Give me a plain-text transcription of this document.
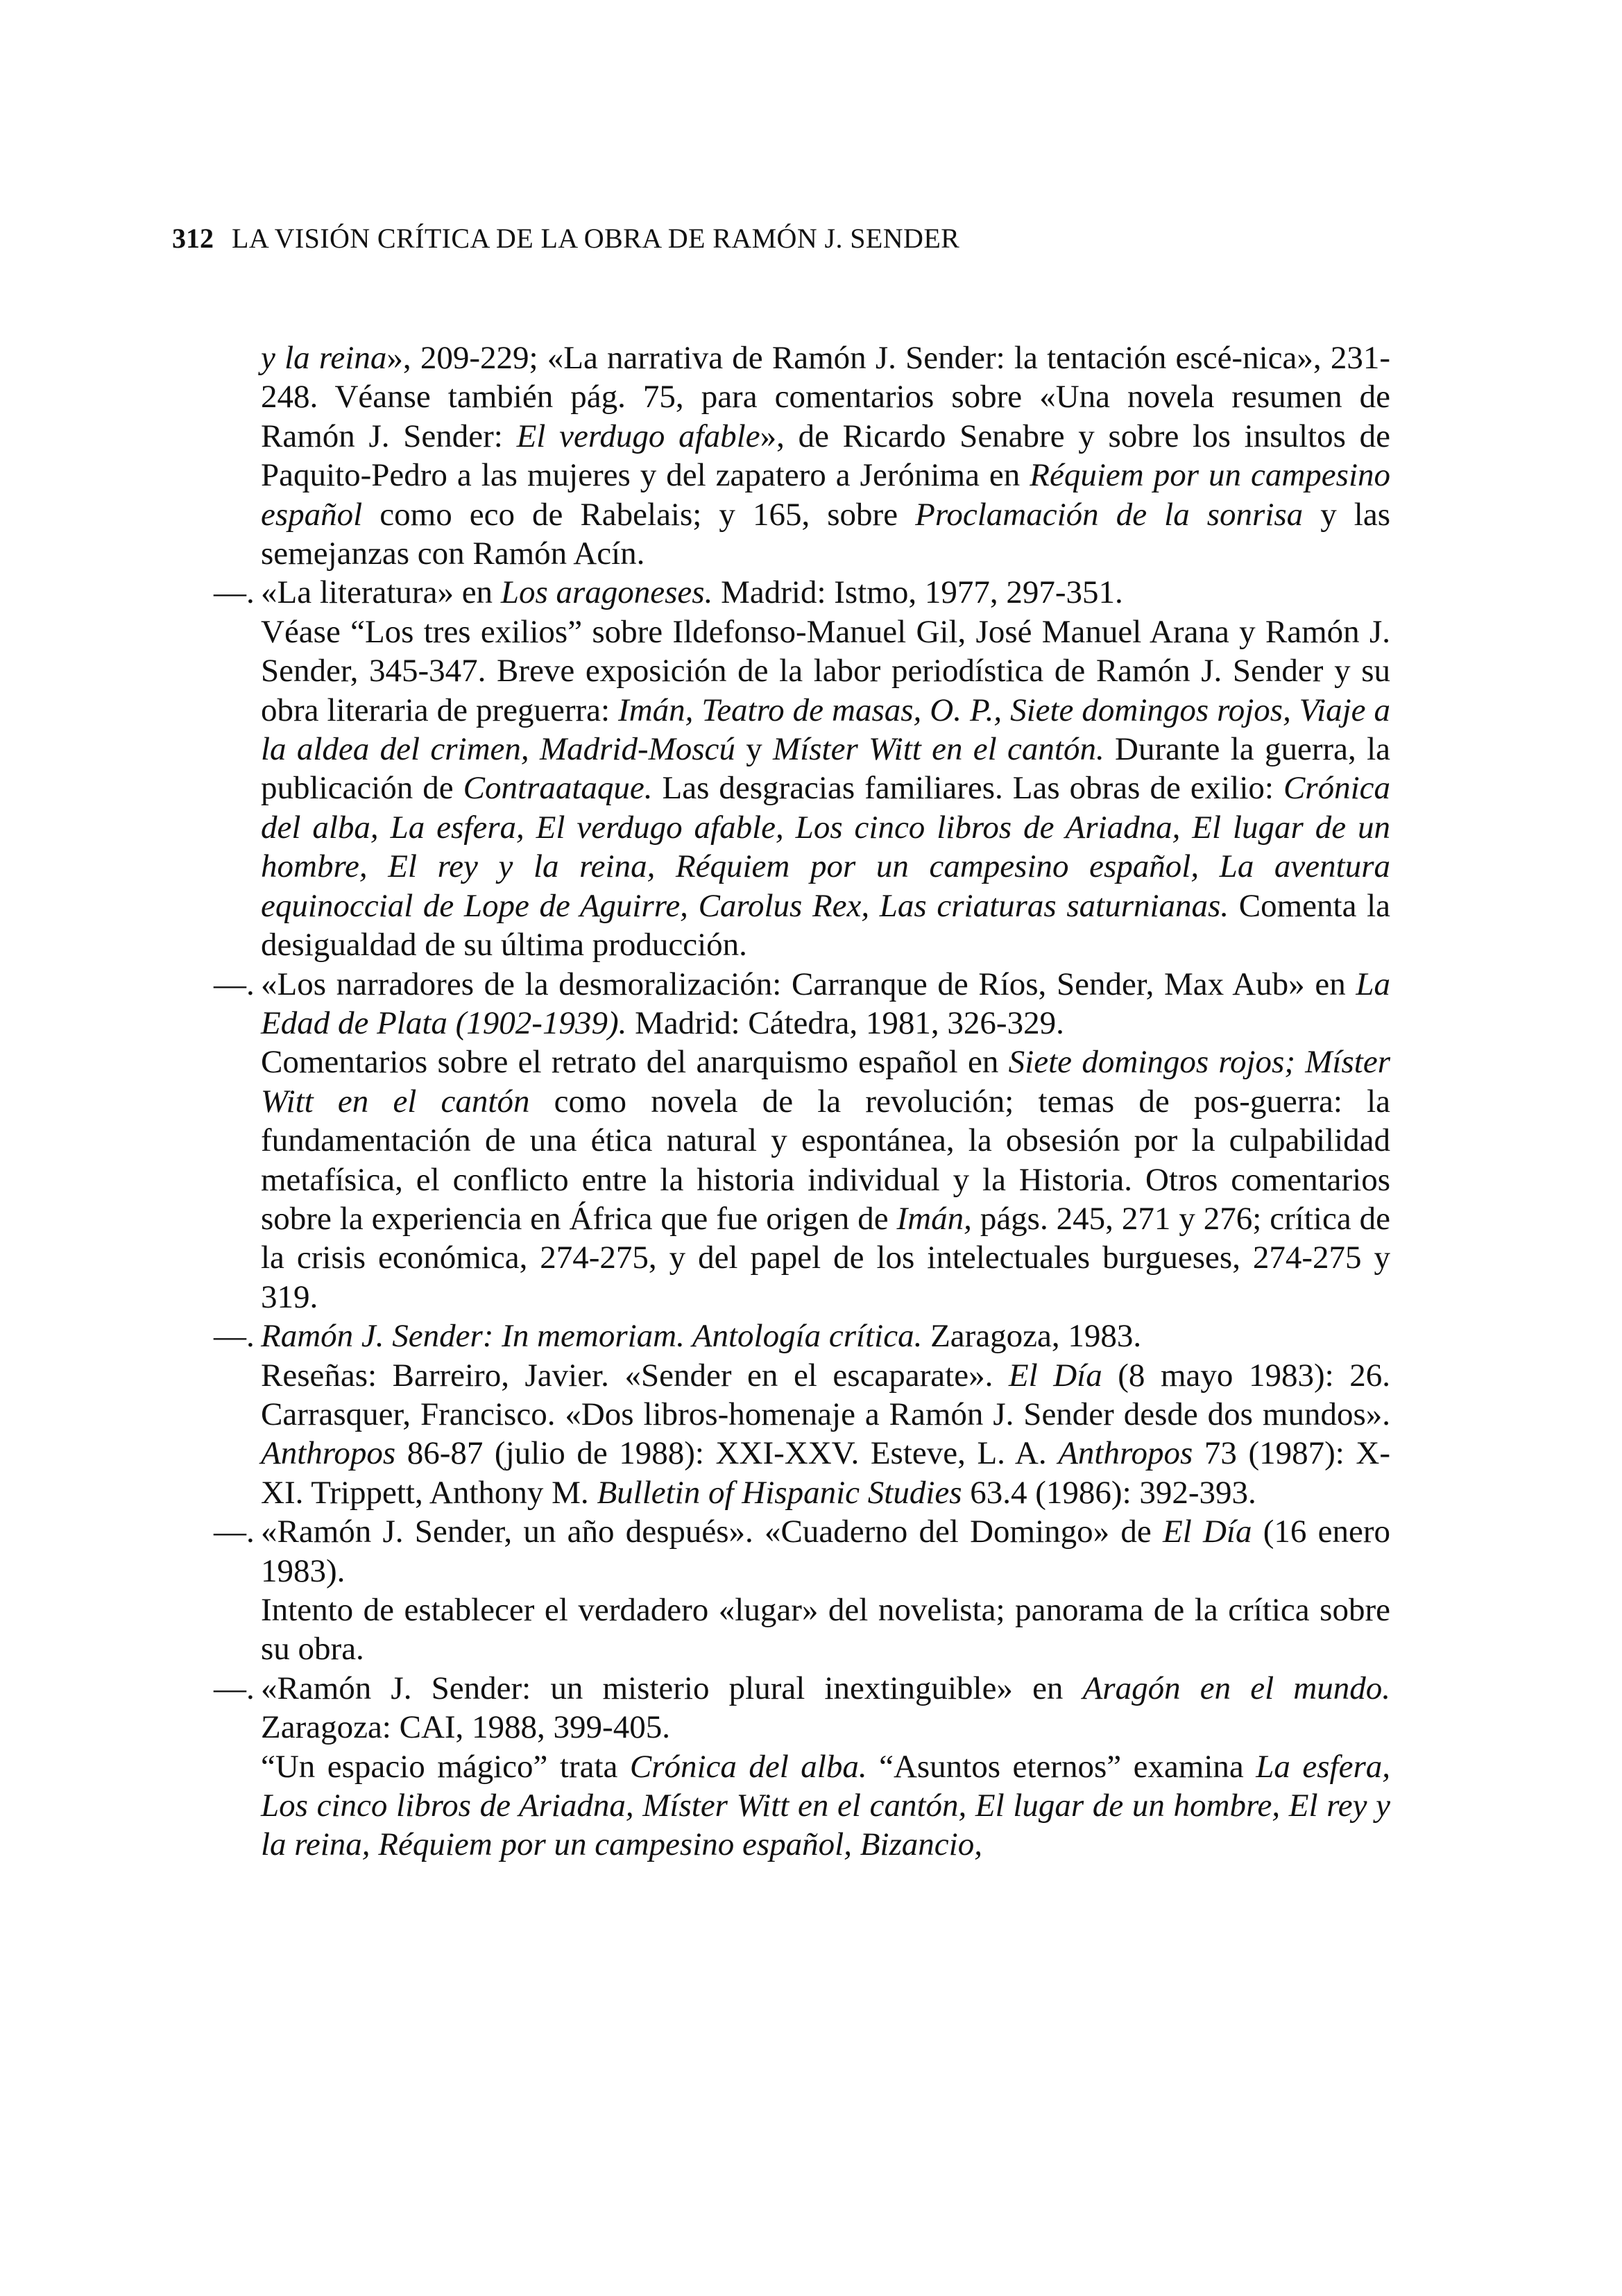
312 LA VISIÓN CRÍTICA DE LA OBRA DE RAMÓN J. SENDER

y la reina», 209-229; «La narrativa de Ramón J. Sender: la tentación escé-nica», 231-248. Véanse también pág. 75, para comentarios sobre «Una novela resumen de Ramón J. Sender: El verdugo afable», de Ricardo Senabre y sobre los insultos de Paquito-Pedro a las mujeres y del zapatero a Jerónima en Réquiem por un campesino español como eco de Rabelais; y 165, sobre Proclamación de la sonrisa y las semejanzas con Ramón Acín.

—. «La literatura» en Los aragoneses. Madrid: Istmo, 1977, 297-351.

Véase “Los tres exilios” sobre Ildefonso-Manuel Gil, José Manuel Arana y Ramón J. Sender, 345-347. Breve exposición de la labor periodística de Ramón J. Sender y su obra literaria de preguerra: Imán, Teatro de masas, O. P., Siete domingos rojos, Viaje a la aldea del crimen, Madrid-Moscú y Míster Witt en el cantón. Durante la guerra, la publicación de Contraataque. Las desgracias familiares. Las obras de exilio: Crónica del alba, La esfera, El verdugo afable, Los cinco libros de Ariadna, El lugar de un hombre, El rey y la reina, Réquiem por un campesino español, La aventura equinoccial de Lope de Aguirre, Carolus Rex, Las criaturas saturnianas. Comenta la desigualdad de su última producción.

—. «Los narradores de la desmoralización: Carranque de Ríos, Sender, Max Aub» en La Edad de Plata (1902-1939). Madrid: Cátedra, 1981, 326-329.

Comentarios sobre el retrato del anarquismo español en Siete domingos rojos; Míster Witt en el cantón como novela de la revolución; temas de pos-guerra: la fundamentación de una ética natural y espontánea, la obsesión por la culpabilidad metafísica, el conflicto entre la historia individual y la Historia. Otros comentarios sobre la experiencia en África que fue origen de Imán, págs. 245, 271 y 276; crítica de la crisis económica, 274-275, y del papel de los intelectuales burgueses, 274-275 y 319.

—. Ramón J. Sender: In memoriam. Antología crítica. Zaragoza, 1983.

Reseñas: Barreiro, Javier. «Sender en el escaparate». El Día (8 mayo 1983): 26. Carrasquer, Francisco. «Dos libros-homenaje a Ramón J. Sender desde dos mundos». Anthropos 86-87 (julio de 1988): XXI-XXV. Esteve, L. A. Anthropos 73 (1987): X-XI. Trippett, Anthony M. Bulletin of Hispanic Studies 63.4 (1986): 392-393.

—. «Ramón J. Sender, un año después». «Cuaderno del Domingo» de El Día (16 enero 1983).

Intento de establecer el verdadero «lugar» del novelista; panorama de la crítica sobre su obra.

—. «Ramón J. Sender: un misterio plural inextinguible» en Aragón en el mundo. Zaragoza: CAI, 1988, 399-405.

“Un espacio mágico” trata Crónica del alba. “Asuntos eternos” examina La esfera, Los cinco libros de Ariadna, Míster Witt en el cantón, El lugar de un hombre, El rey y la reina, Réquiem por un campesino español, Bizancio,
